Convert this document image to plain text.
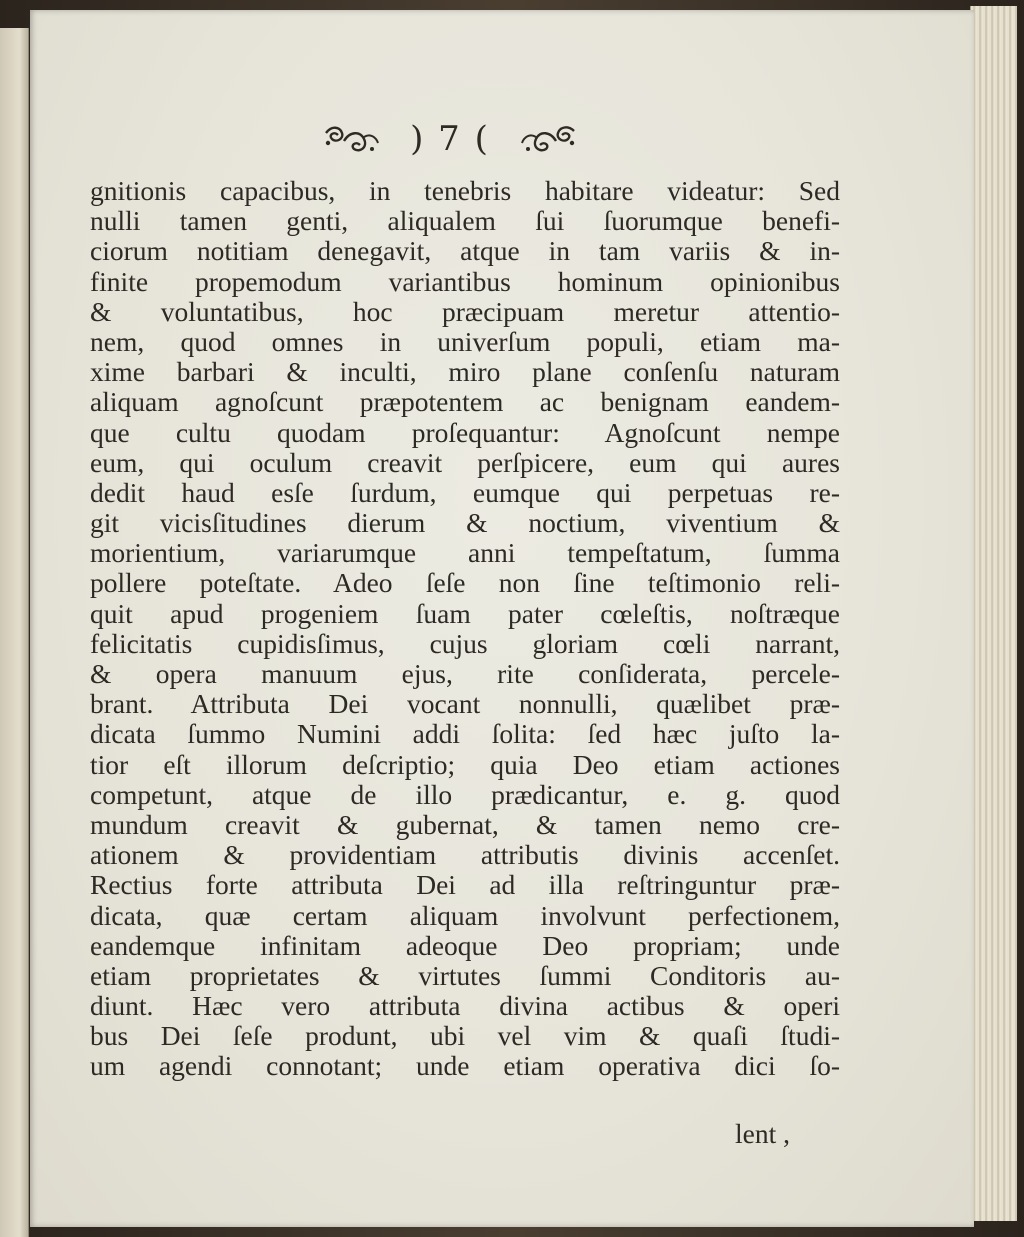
) 7 (
gnitionis capacibus, in tenebris habitare videatur: Sed
nulli tamen genti, aliqualem ſui ſuorumque benefi-
ciorum notitiam denegavit, atque in tam variis & in-
finite propemodum variantibus hominum opinionibus
& voluntatibus, hoc præcipuam meretur attentio-
nem, quod omnes in univerſum populi, etiam ma-
xime barbari & inculti, miro plane conſenſu naturam
aliquam agnoſcunt præpotentem ac benignam eandem-
que cultu quodam proſequantur: Agnoſcunt nempe
eum, qui oculum creavit perſpicere, eum qui aures
dedit haud esſe ſurdum, eumque qui perpetuas re-
git vicisſitudines dierum & noctium, viventium &
morientium, variarumque anni tempeſtatum, ſumma
pollere poteſtate. Adeo ſeſe non ſine teſtimonio reli-
quit apud progeniem ſuam pater cœleſtis, noſtræque
felicitatis cupidisſimus, cujus gloriam cœli narrant,
& opera manuum ejus, rite conſiderata, percele-
brant. Attributa Dei vocant nonnulli, quælibet præ-
dicata ſummo Numini addi ſolita: ſed hæc juſto la-
tior eſt illorum deſcriptio; quia Deo etiam actiones
competunt, atque de illo prædicantur, e. g. quod
mundum creavit & gubernat, & tamen nemo cre-
ationem & providentiam attributis divinis accenſet.
Rectius forte attributa Dei ad illa reſtringuntur præ-
dicata, quæ certam aliquam involvunt perfectionem,
eandemque infinitam adeoque Deo propriam; unde
etiam proprietates & virtutes ſummi Conditoris au-
diunt. Hæc vero attributa divina actibus & operi
bus Dei ſeſe produnt, ubi vel vim & quaſi ſtudi-
um agendi connotant; unde etiam operativa dici ſo-
lent ,
